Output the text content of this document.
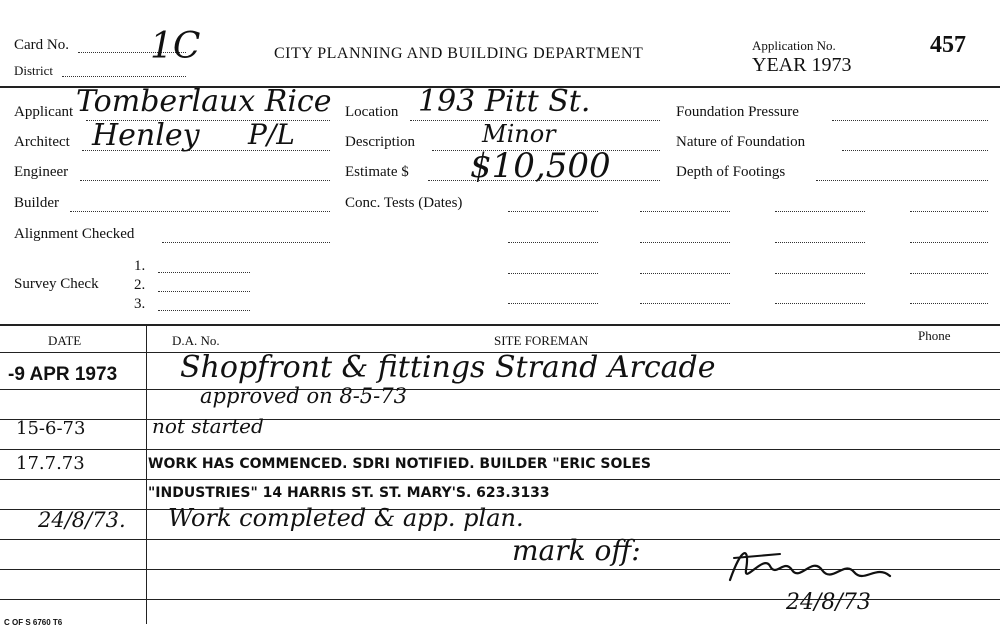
Card No. 1C
District
CITY PLANNING AND BUILDING DEPARTMENT	Application No.
YEAR 1973
457
Applicant Tomberlaux Rice
Architect Henley P/L
Engineer
Builder
Alignment Checked
Survey Check
1.
2.
3.
Location 193 Pitt St.
Description	Minor
Estimate $ $10,500
Conc. Tests (Dates)
Foundation Pressure
Nature of Foundation
Depth of Footings
DATE	D.A. No.	SITE FOREMAN	Phone
-9 APR 1973 Shopfront & fittings Strand Arcade
approved on 8-5-73
15-6-73	not started
17.7.73	WORK HAS COMMENCED. SDRI NOTIFIED. BUILDER "ERIC SOLES
"INDUSTRIES" 14 HARRIS ST. ST. MARY'S. 623.3133
24/8/73. Work completed & app. plan.
mark off:
24/8/73
C OF S 6760 T6
